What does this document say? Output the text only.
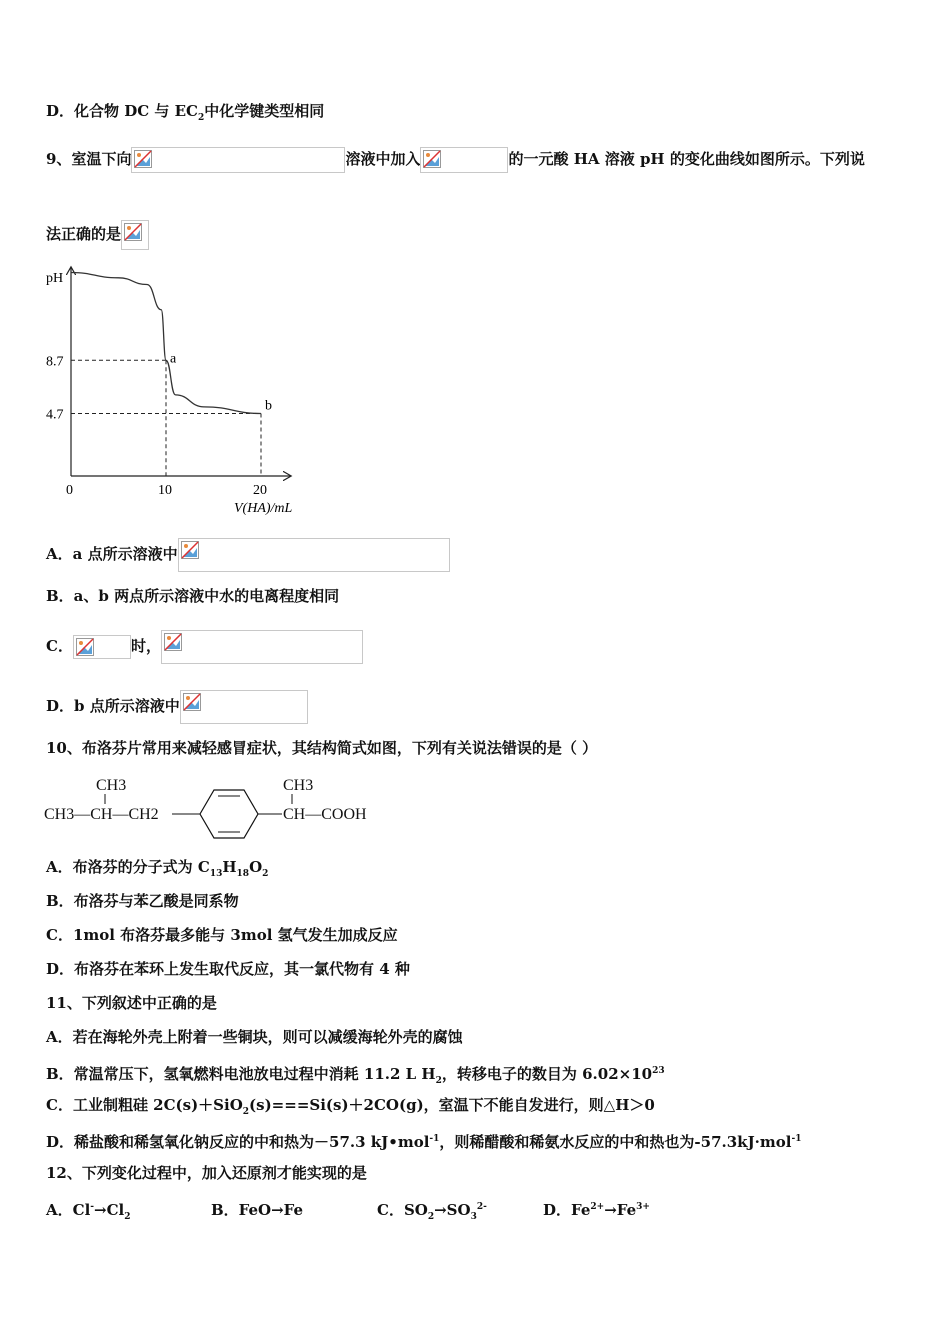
D．化合物 DC 与 $EC_2$中化学键类型相同
9、室温下向	溶液中加入	的一元酸 HA 溶液 pH 的变化曲线如图所示。下列说
法正确的是
pH
V(HA)/mL
0	10	20
4.7
8.7	a
b
A．a 点所示溶液中
B．a、b 两点所示溶液中水的电离程度相同
C．	时，
D．b 点所示溶液中
10、布洛芬片常用来减轻感冒症状，其结构简式如图，下列有关说法错误的是（ ）
CH3
CH3—CH—CH2
CH3
CH—COOH
A．布洛芬的分子式为 $C_{13}H_{18}O_2$
B．布洛芬与苯乙酸是同系物
C．1mol 布洛芬最多能与 3mol 氢气发生加成反应
D．布洛芬在苯环上发生取代反应，其一氯代物有 4 种
11、下列叙述中正确的是
A．若在海轮外壳上附着一些铜块，则可以减缓海轮外壳的腐蚀
B．常温常压下，氢氧燃料电池放电过程中消耗 11.2 L $H_2$，转移电子的数目为 $6.02\times 10^{23}$
C．工业制粗硅 2C(s)＋SiO$_2$(s)===Si(s)＋2CO(g)，室温下不能自发进行，则△H＞0
D．稀盐酸和稀氢氧化钠反应的中和热为－57.3 kJ•mol$^{-1}$，则稀醋酸和稀氨水反应的中和热也为-57.3kJ·mol$^{-1}$
12、下列变化过程中，加入还原剂才能实现的是
A．$Cl^-\to Cl_2$	B．FeO→Fe	C．$SO_2\to SO_3^{2-}$	D．$Fe^{2+}\to Fe^{3+}$
